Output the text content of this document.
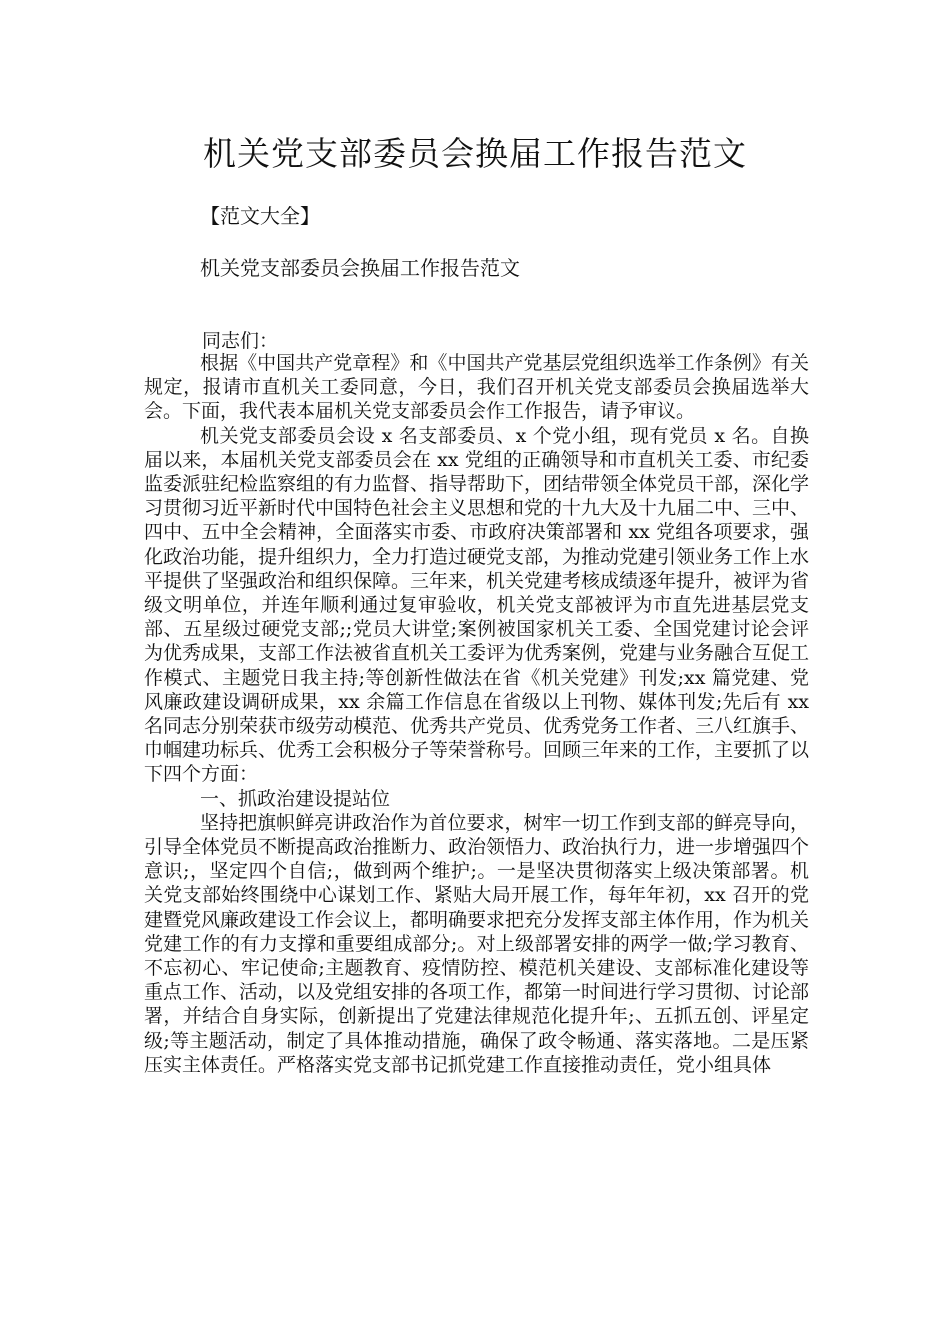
机关党支部委员会换届工作报告范文
【范文大全】
机关党支部委员会换届工作报告范文
同志们：

根据《中国共产党章程》和《中国共产党基层党组织选举工作条例》有关规定，报请市直机关工委同意，今日，我们召开机关党支部委员会换届选举大会。下面，我代表本届机关党支部委员会作工作报告，请予审议。

机关党支部委员会设 x 名支部委员、x 个党小组，现有党员 x 名。自换届以来，本届机关党支部委员会在 xx 党组的正确领导和市直机关工委、市纪委监委派驻纪检监察组的有力监督、指导帮助下，团结带领全体党员干部，深化学习贯彻习近平新时代中国特色社会主义思想和党的十九大及十九届二中、三中、四中、五中全会精神，全面落实市委、市政府决策部署和 xx 党组各项要求，强化政治功能，提升组织力，全力打造过硬党支部，为推动党建引领业务工作上水平提供了坚强政治和组织保障。三年来，机关党建考核成绩逐年提升，被评为省级文明单位，并连年顺利通过复审验收，机关党支部被评为市直先进基层党支部、五星级过硬党支部;;党员大讲堂;案例被国家机关工委、全国党建讨论会评为优秀成果，支部工作法被省直机关工委评为优秀案例，党建与业务融合互促工作模式、主题党日我主持;等创新性做法在省《机关党建》刊发;xx 篇党建、党风廉政建设调研成果，xx 余篇工作信息在省级以上刊物、媒体刊发;先后有 xx 名同志分别荣获市级劳动模范、优秀共产党员、优秀党务工作者、三八红旗手、巾帼建功标兵、优秀工会积极分子等荣誉称号。回顾三年来的工作，主要抓了以下四个方面：

一、抓政治建设提站位

坚持把旗帜鲜亮讲政治作为首位要求，树牢一切工作到支部的鲜亮导向，引导全体党员不断提高政治推断力、政治领悟力、政治执行力，进一步增强四个意识;，坚定四个自信;，做到两个维护;。一是坚决贯彻落实上级决策部署。机关党支部始终围绕中心谋划工作、紧贴大局开展工作，每年年初，xx 召开的党建暨党风廉政建设工作会议上，都明确要求把充分发挥支部主体作用，作为机关党建工作的有力支撑和重要组成部分;。对上级部署安排的两学一做;学习教育、不忘初心、牢记使命;主题教育、疫情防控、模范机关建设、支部标准化建设等重点工作、活动，以及党组安排的各项工作，都第一时间进行学习贯彻、讨论部署，并结合自身实际，创新提出了党建法律规范化提升年;、五抓五创、评星定级;等主题活动，制定了具体推动措施，确保了政令畅通、落实落地。二是压紧压实主体责任。严格落实党支部书记抓党建工作直接推动责任，党小组具体
